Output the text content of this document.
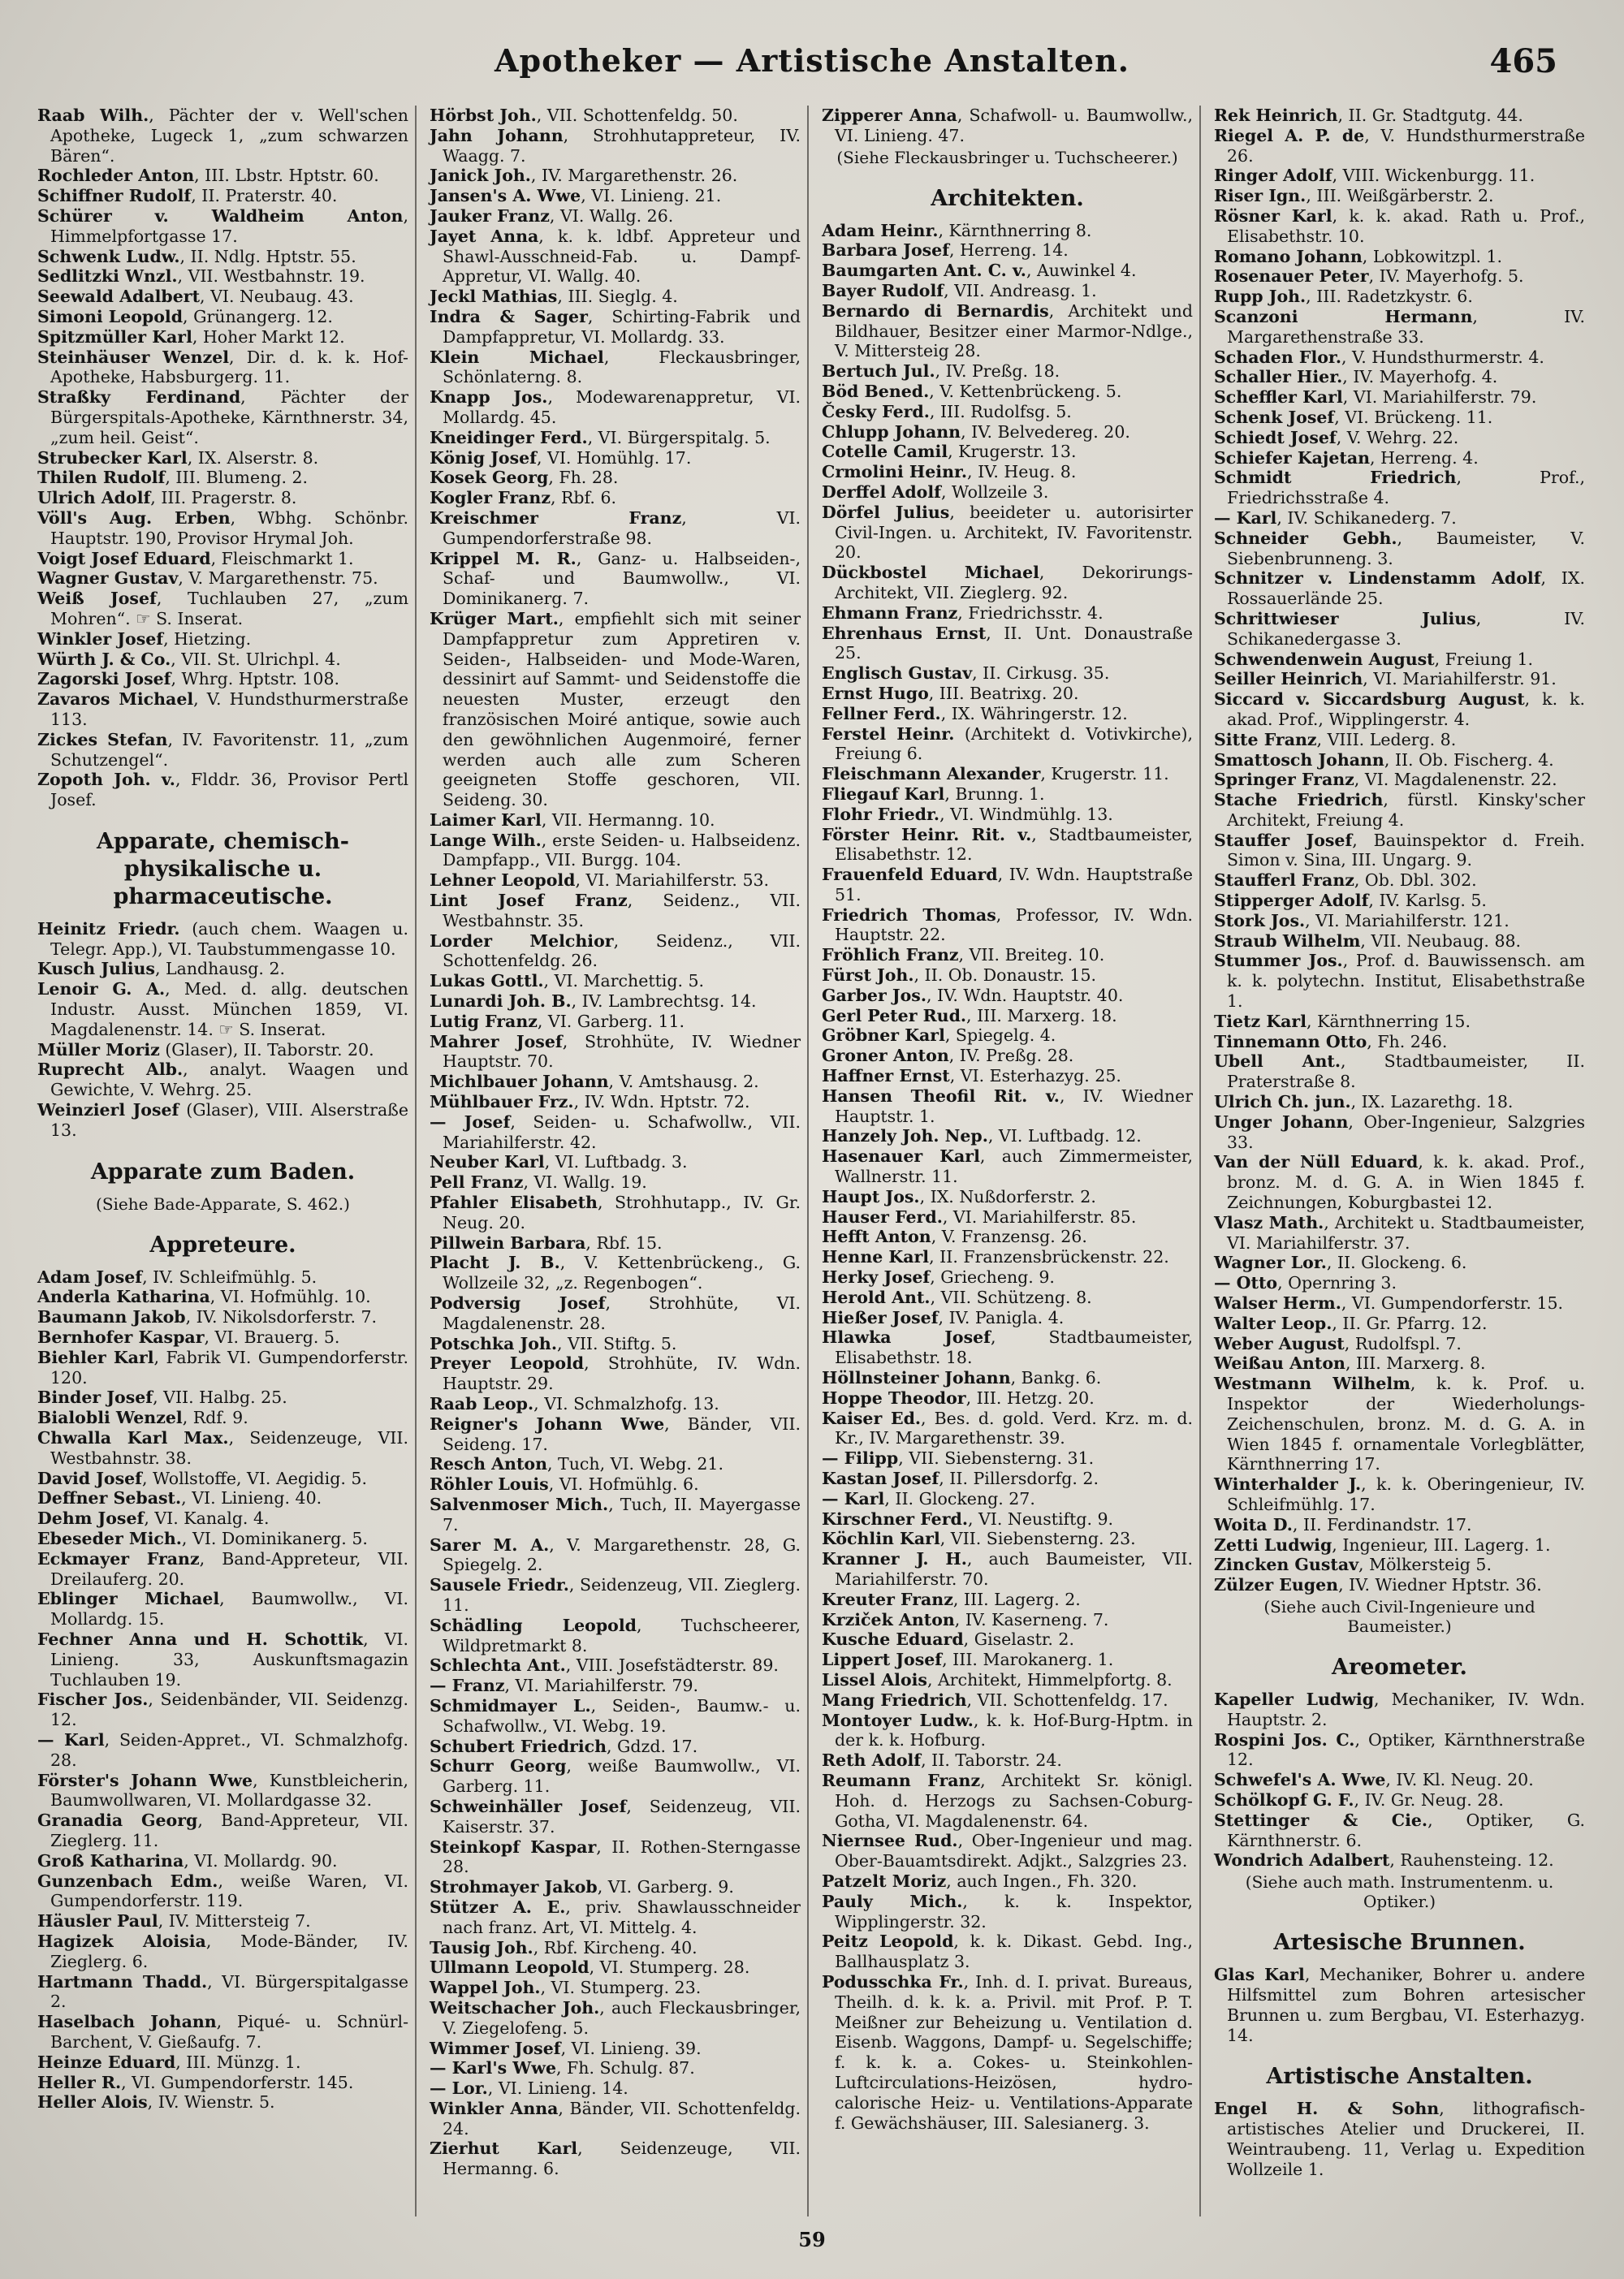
Apotheker — Artistische Anstalten.	465

Raab Wilh., Pächter der v. Well'schen Apotheke, Lugeck 1, „zum schwarzen Bären“.

Rochleder Anton, III. Lbstr. Hptstr. 60.

Schiffner Rudolf, II. Praterstr. 40.

Schürer v. Waldheim Anton, Himmelpfortgasse 17.

Schwenk Ludw., II. Ndlg. Hptstr. 55.

Sedlitzki Wnzl., VII. Westbahnstr. 19.

Seewald Adalbert, VI. Neubaug. 43.

Simoni Leopold, Grünangerg. 12.

Spitzmüller Karl, Hoher Markt 12.

Steinhäuser Wenzel, Dir. d. k. k. Hof-Apotheke, Habsburgerg. 11.

Straßky Ferdinand, Pächter der Bürgerspitals-Apotheke, Kärnthnerstr. 34, „zum heil. Geist“.

Strubecker Karl, IX. Alserstr. 8.

Thilen Rudolf, III. Blumeng. 2.

Ulrich Adolf, III. Pragerstr. 8.

Völl's Aug. Erben, Wbhg. Schönbr. Hauptstr. 190, Provisor Hrymal Joh.

Voigt Josef Eduard, Fleischmarkt 1.

Wagner Gustav, V. Margarethenstr. 75.

Weiß Josef, Tuchlauben 27, „zum Mohren“. ☞ S. Inserat.

Winkler Josef, Hietzing.

Würth J. & Co., VII. St. Ulrichpl. 4.

Zagorski Josef, Whrg. Hptstr. 108.

Zavaros Michael, V. Hundsthurmerstraße 113.

Zickes Stefan, IV. Favoritenstr. 11, „zum Schutzengel“.

Zopoth Joh. v., Flddr. 36, Provisor Pertl Josef.

Apparate, chemisch-physikalische u. pharmaceutische.

Heinitz Friedr. (auch chem. Waagen u. Telegr. App.), VI. Taubstummengasse 10.

Kusch Julius, Landhausg. 2.

Lenoir G. A., Med. d. allg. deutschen Industr. Ausst. München 1859, VI. Magdalenenstr. 14. ☞ S. Inserat.

Müller Moriz (Glaser), II. Taborstr. 20.

Ruprecht Alb., analyt. Waagen und Gewichte, V. Wehrg. 25.

Weinzierl Josef (Glaser), VIII. Alserstraße 13.

Apparate zum Baden.
(Siehe Bade-Apparate, S. 462.)
Appreteure.

Adam Josef, IV. Schleifmühlg. 5.

Anderla Katharina, VI. Hofmühlg. 10.

Baumann Jakob, IV. Nikolsdorferstr. 7.

Bernhofer Kaspar, VI. Brauerg. 5.

Biehler Karl, Fabrik VI. Gumpendorferstr. 120.

Binder Josef, VII. Halbg. 25.

Bialobli Wenzel, Rdf. 9.

Chwalla Karl Max., Seidenzeuge, VII. Westbahnstr. 38.

David Josef, Wollstoffe, VI. Aegidig. 5.

Deffner Sebast., VI. Linieng. 40.

Dehm Josef, VI. Kanalg. 4.

Ebeseder Mich., VI. Dominikanerg. 5.

Eckmayer Franz, Band-Appreteur, VII. Dreilauferg. 20.

Eblinger Michael, Baumwollw., VI. Mollardg. 15.

Fechner Anna und H. Schottik, VI. Linieng. 33, Auskunftsmagazin Tuchlauben 19.

Fischer Jos., Seidenbänder, VII. Seidenzg. 12.

— Karl, Seiden-Appret., VI. Schmalzhofg. 28.

Förster's Johann Wwe, Kunstbleicherin, Baumwollwaren, VI. Mollardgasse 32.

Granadia Georg, Band-Appreteur, VII. Zieglerg. 11.

Groß Katharina, VI. Mollardg. 90.

Gunzenbach Edm., weiße Waren, VI. Gumpendorferstr. 119.

Häusler Paul, IV. Mittersteig 7.

Hagizek Aloisia, Mode-Bänder, IV. Zieglerg. 6.

Hartmann Thadd., VI. Bürgerspitalgasse 2.

Haselbach Johann, Piqué- u. Schnürl-Barchent, V. Gießaufg. 7.

Heinze Eduard, III. Münzg. 1.

Heller R., VI. Gumpendorferstr. 145.

Heller Alois, IV. Wienstr. 5.

Hörbst Joh., VII. Schottenfeldg. 50.

Jahn Johann, Strohhutappreteur, IV. Waagg. 7.

Janick Joh., IV. Margarethenstr. 26.

Jansen's A. Wwe, VI. Linieng. 21.

Jauker Franz, VI. Wallg. 26.

Jayet Anna, k. k. ldbf. Appreteur und Shawl-Ausschneid-Fab. u. Dampf-Appretur, VI. Wallg. 40.

Jeckl Mathias, III. Sieglg. 4.

Indra & Sager, Schirting-Fabrik und Dampfappretur, VI. Mollardg. 33.

Klein Michael, Fleckausbringer, Schönlaterng. 8.

Knapp Jos., Modewarenappretur, VI. Mollardg. 45.

Kneidinger Ferd., VI. Bürgerspitalg. 5.

König Josef, VI. Homühlg. 17.

Kosek Georg, Fh. 28.

Kogler Franz, Rbf. 6.

Kreischmer Franz, VI. Gumpendorferstraße 98.

Krippel M. R., Ganz- u. Halbseiden-, Schaf- und Baumwollw., VI. Dominikanerg. 7.

Krüger Mart., empfiehlt sich mit seiner Dampfappretur zum Appretiren v. Seiden-, Halbseiden- und Mode-Waren, dessinirt auf Sammt- und Seidenstoffe die neuesten Muster, erzeugt den französischen Moiré antique, sowie auch den gewöhnlichen Augenmoiré, ferner werden auch alle zum Scheren geeigneten Stoffe geschoren, VII. Seideng. 30.

Laimer Karl, VII. Hermanng. 10.

Lange Wilh., erste Seiden- u. Halbseidenz. Dampfapp., VII. Burgg. 104.

Lehner Leopold, VI. Mariahilferstr. 53.

Lint Josef Franz, Seidenz., VII. Westbahnstr. 35.

Lorder Melchior, Seidenz., VII. Schottenfeldg. 26.

Lukas Gottl., VI. Marchettig. 5.

Lunardi Joh. B., IV. Lambrechtsg. 14.

Lutig Franz, VI. Garberg. 11.

Mahrer Josef, Strohhüte, IV. Wiedner Hauptstr. 70.

Michlbauer Johann, V. Amtshausg. 2.

Mühlbauer Frz., IV. Wdn. Hptstr. 72.

— Josef, Seiden- u. Schafwollw., VII. Mariahilferstr. 42.

Neuber Karl, VI. Luftbadg. 3.

Pell Franz, VI. Wallg. 19.

Pfahler Elisabeth, Strohhutapp., IV. Gr. Neug. 20.

Pillwein Barbara, Rbf. 15.

Placht J. B., V. Kettenbrückeng., G. Wollzeile 32, „z. Regenbogen“.

Podversig Josef, Strohhüte, VI. Magdalenenstr. 28.

Potschka Joh., VII. Stiftg. 5.

Preyer Leopold, Strohhüte, IV. Wdn. Hauptstr. 29.

Raab Leop., VI. Schmalzhofg. 13.

Reigner's Johann Wwe, Bänder, VII. Seideng. 17.

Resch Anton, Tuch, VI. Webg. 21.

Röhler Louis, VI. Hofmühlg. 6.

Salvenmoser Mich., Tuch, II. Mayergasse 7.

Sarer M. A., V. Margarethenstr. 28, G. Spiegelg. 2.

Sausele Friedr., Seidenzeug, VII. Zieglerg. 11.

Schädling Leopold, Tuchscheerer, Wildpretmarkt 8.

Schlechta Ant., VIII. Josefstädterstr. 89.

— Franz, VI. Mariahilferstr. 79.

Schmidmayer L., Seiden-, Baumw.- u. Schafwollw., VI. Webg. 19.

Schubert Friedrich, Gdzd. 17.

Schurr Georg, weiße Baumwollw., VI. Garberg. 11.

Schweinhäller Josef, Seidenzeug, VII. Kaiserstr. 37.

Steinkopf Kaspar, II. Rothen-Sterngasse 28.

Strohmayer Jakob, VI. Garberg. 9.

Stützer A. E., priv. Shawlausschneider nach franz. Art, VI. Mittelg. 4.

Tausig Joh., Rbf. Kircheng. 40.

Ullmann Leopold, VI. Stumperg. 28.

Wappel Joh., VI. Stumperg. 23.

Weitschacher Joh., auch Fleckausbringer, V. Ziegelofeng. 5.

Wimmer Josef, VI. Linieng. 39.

— Karl's Wwe, Fh. Schulg. 87.

— Lor., VI. Linieng. 14.

Winkler Anna, Bänder, VII. Schottenfeldg. 24.

Zierhut Karl, Seidenzeuge, VII. Hermanng. 6.

Zipperer Anna, Schafwoll- u. Baumwollw., VI. Linieng. 47.

(Siehe Fleckausbringer u. Tuchscheerer.)
Architekten.

Adam Heinr., Kärnthnerring 8.

Barbara Josef, Herreng. 14.

Baumgarten Ant. C. v., Auwinkel 4.

Bayer Rudolf, VII. Andreasg. 1.

Bernardo di Bernardis, Architekt und Bildhauer, Besitzer einer Marmor-Ndlge., V. Mittersteig 28.

Bertuch Jul., IV. Preßg. 18.

Böd Bened., V. Kettenbrückeng. 5.

Česky Ferd., III. Rudolfsg. 5.

Chlupp Johann, IV. Belvedereg. 20.

Cotelle Camil, Krugerstr. 13.

Crmolini Heinr., IV. Heug. 8.

Derffel Adolf, Wollzeile 3.

Dörfel Julius, beeideter u. autorisirter Civil-Ingen. u. Architekt, IV. Favoritenstr. 20.

Dückbostel Michael, Dekorirungs-Architekt, VII. Zieglerg. 92.

Ehmann Franz, Friedrichsstr. 4.

Ehrenhaus Ernst, II. Unt. Donaustraße 25.

Englisch Gustav, II. Cirkusg. 35.

Ernst Hugo, III. Beatrixg. 20.

Fellner Ferd., IX. Währingerstr. 12.

Ferstel Heinr. (Architekt d. Votivkirche), Freiung 6.

Fleischmann Alexander, Krugerstr. 11.

Fliegauf Karl, Brunng. 1.

Flohr Friedr., VI. Windmühlg. 13.

Förster Heinr. Rit. v., Stadtbaumeister, Elisabethstr. 12.

Frauenfeld Eduard, IV. Wdn. Hauptstraße 51.

Friedrich Thomas, Professor, IV. Wdn. Hauptstr. 22.

Fröhlich Franz, VII. Breiteg. 10.

Fürst Joh., II. Ob. Donaustr. 15.

Garber Jos., IV. Wdn. Hauptstr. 40.

Gerl Peter Rud., III. Marxerg. 18.

Gröbner Karl, Spiegelg. 4.

Groner Anton, IV. Preßg. 28.

Haffner Ernst, VI. Esterhazyg. 25.

Hansen Theofil Rit. v., IV. Wiedner Hauptstr. 1.

Hanzely Joh. Nep., VI. Luftbadg. 12.

Hasenauer Karl, auch Zimmermeister, Wallnerstr. 11.

Haupt Jos., IX. Nußdorferstr. 2.

Hauser Ferd., VI. Mariahilferstr. 85.

Hefft Anton, V. Franzensg. 26.

Henne Karl, II. Franzensbrückenstr. 22.

Herky Josef, Griecheng. 9.

Herold Ant., VII. Schützeng. 8.

Hießer Josef, IV. Panigla. 4.

Hlawka Josef, Stadtbaumeister, Elisabethstr. 18.

Höllnsteiner Johann, Bankg. 6.

Hoppe Theodor, III. Hetzg. 20.

Kaiser Ed., Bes. d. gold. Verd. Krz. m. d. Kr., IV. Margarethenstr. 39.

— Filipp, VII. Siebensterng. 31.

Kastan Josef, II. Pillersdorfg. 2.

— Karl, II. Glockeng. 27.

Kirschner Ferd., VI. Neustiftg. 9.

Köchlin Karl, VII. Siebensterng. 23.

Kranner J. H., auch Baumeister, VII. Mariahilferstr. 70.

Kreuter Franz, III. Lagerg. 2.

Krziček Anton, IV. Kaserneng. 7.

Kusche Eduard, Giselastr. 2.

Lippert Josef, III. Marokanerg. 1.

Lissel Alois, Architekt, Himmelpfortg. 8.

Mang Friedrich, VII. Schottenfeldg. 17.

Montoyer Ludw., k. k. Hof-Burg-Hptm. in der k. k. Hofburg.

Reth Adolf, II. Taborstr. 24.

Reumann Franz, Architekt Sr. königl. Hoh. d. Herzogs zu Sachsen-Coburg-Gotha, VI. Magdalenenstr. 64.

Niernsee Rud., Ober-Ingenieur und mag. Ober-Bauamtsdirekt. Adjkt., Salzgries 23.

Patzelt Moriz, auch Ingen., Fh. 320.

Pauly Mich., k. k. Inspektor, Wipplingerstr. 32.

Peitz Leopold, k. k. Dikast. Gebd. Ing., Ballhausplatz 3.

Podusschka Fr., Inh. d. I. privat. Bureaus, Theilh. d. k. k. a. Privil. mit Prof. P. T. Meißner zur Beheizung u. Ventilation d. Eisenb. Waggons, Dampf- u. Segelschiffe; f. k. k. a. Cokes- u. Steinkohlen-Luftcirculations-Heizösen, hydro-calorische Heiz- u. Ventilations-Apparate f. Gewächshäuser, III. Salesianerg. 3.

Rek Heinrich, II. Gr. Stadtgutg. 44.

Riegel A. P. de, V. Hundsthurmerstraße 26.

Ringer Adolf, VIII. Wickenburgg. 11.

Riser Ign., III. Weißgärberstr. 2.

Rösner Karl, k. k. akad. Rath u. Prof., Elisabethstr. 10.

Romano Johann, Lobkowitzpl. 1.

Rosenauer Peter, IV. Mayerhofg. 5.

Rupp Joh., III. Radetzkystr. 6.

Scanzoni Hermann, IV. Margarethenstraße 33.

Schaden Flor., V. Hundsthurmerstr. 4.

Schaller Hier., IV. Mayerhofg. 4.

Scheffler Karl, VI. Mariahilferstr. 79.

Schenk Josef, VI. Brückeng. 11.

Schiedt Josef, V. Wehrg. 22.

Schiefer Kajetan, Herreng. 4.

Schmidt Friedrich, Prof., Friedrichsstraße 4.

— Karl, IV. Schikanederg. 7.

Schneider Gebh., Baumeister, V. Siebenbrunneng. 3.

Schnitzer v. Lindenstamm Adolf, IX. Rossauerlände 25.

Schrittwieser Julius, IV. Schikanedergasse 3.

Schwendenwein August, Freiung 1.

Seiller Heinrich, VI. Mariahilferstr. 91.

Siccard v. Siccardsburg August, k. k. akad. Prof., Wipplingerstr. 4.

Sitte Franz, VIII. Lederg. 8.

Smattosch Johann, II. Ob. Fischerg. 4.

Springer Franz, VI. Magdalenenstr. 22.

Stache Friedrich, fürstl. Kinsky'scher Architekt, Freiung 4.

Stauffer Josef, Bauinspektor d. Freih. Simon v. Sina, III. Ungarg. 9.

Staufferl Franz, Ob. Dbl. 302.

Stipperger Adolf, IV. Karlsg. 5.

Stork Jos., VI. Mariahilferstr. 121.

Straub Wilhelm, VII. Neubaug. 88.

Stummer Jos., Prof. d. Bauwissensch. am k. k. polytechn. Institut, Elisabethstraße 1.

Tietz Karl, Kärnthnerring 15.

Tinnemann Otto, Fh. 246.

Ubell Ant., Stadtbaumeister, II. Praterstraße 8.

Ulrich Ch. jun., IX. Lazarethg. 18.

Unger Johann, Ober-Ingenieur, Salzgries 33.

Van der Nüll Eduard, k. k. akad. Prof., bronz. M. d. G. A. in Wien 1845 f. Zeichnungen, Koburgbastei 12.

Vlasz Math., Architekt u. Stadtbaumeister, VI. Mariahilferstr. 37.

Wagner Lor., II. Glockeng. 6.

— Otto, Opernring 3.

Walser Herm., VI. Gumpendorferstr. 15.

Walter Leop., II. Gr. Pfarrg. 12.

Weber August, Rudolfspl. 7.

Weißau Anton, III. Marxerg. 8.

Westmann Wilhelm, k. k. Prof. u. Inspektor der Wiederholungs-Zeichenschulen, bronz. M. d. G. A. in Wien 1845 f. ornamentale Vorlegblätter, Kärnthnerring 17.

Winterhalder J., k. k. Oberingenieur, IV. Schleifmühlg. 17.

Woita D., II. Ferdinandstr. 17.

Zetti Ludwig, Ingenieur, III. Lagerg. 1.

Zincken Gustav, Mölkersteig 5.

Zülzer Eugen, IV. Wiedner Hptstr. 36.

(Siehe auch Civil-Ingenieure und Baumeister.)
Areometer.

Kapeller Ludwig, Mechaniker, IV. Wdn. Hauptstr. 2.

Rospini Jos. C., Optiker, Kärnthnerstraße 12.

Schwefel's A. Wwe, IV. Kl. Neug. 20.

Schölkopf G. F., IV. Gr. Neug. 28.

Stettinger & Cie., Optiker, G. Kärnthnerstr. 6.

Wondrich Adalbert, Rauhensteing. 12.

(Siehe auch math. Instrumentenm. u. Optiker.)
Artesische Brunnen.

Glas Karl, Mechaniker, Bohrer u. andere Hilfsmittel zum Bohren artesischer Brunnen u. zum Bergbau, VI. Esterhazyg. 14.

Artistische Anstalten.

Engel H. & Sohn, lithografisch-artistisches Atelier und Druckerei, II. Weintraubeng. 11, Verlag u. Expedition Wollzeile 1.

59
